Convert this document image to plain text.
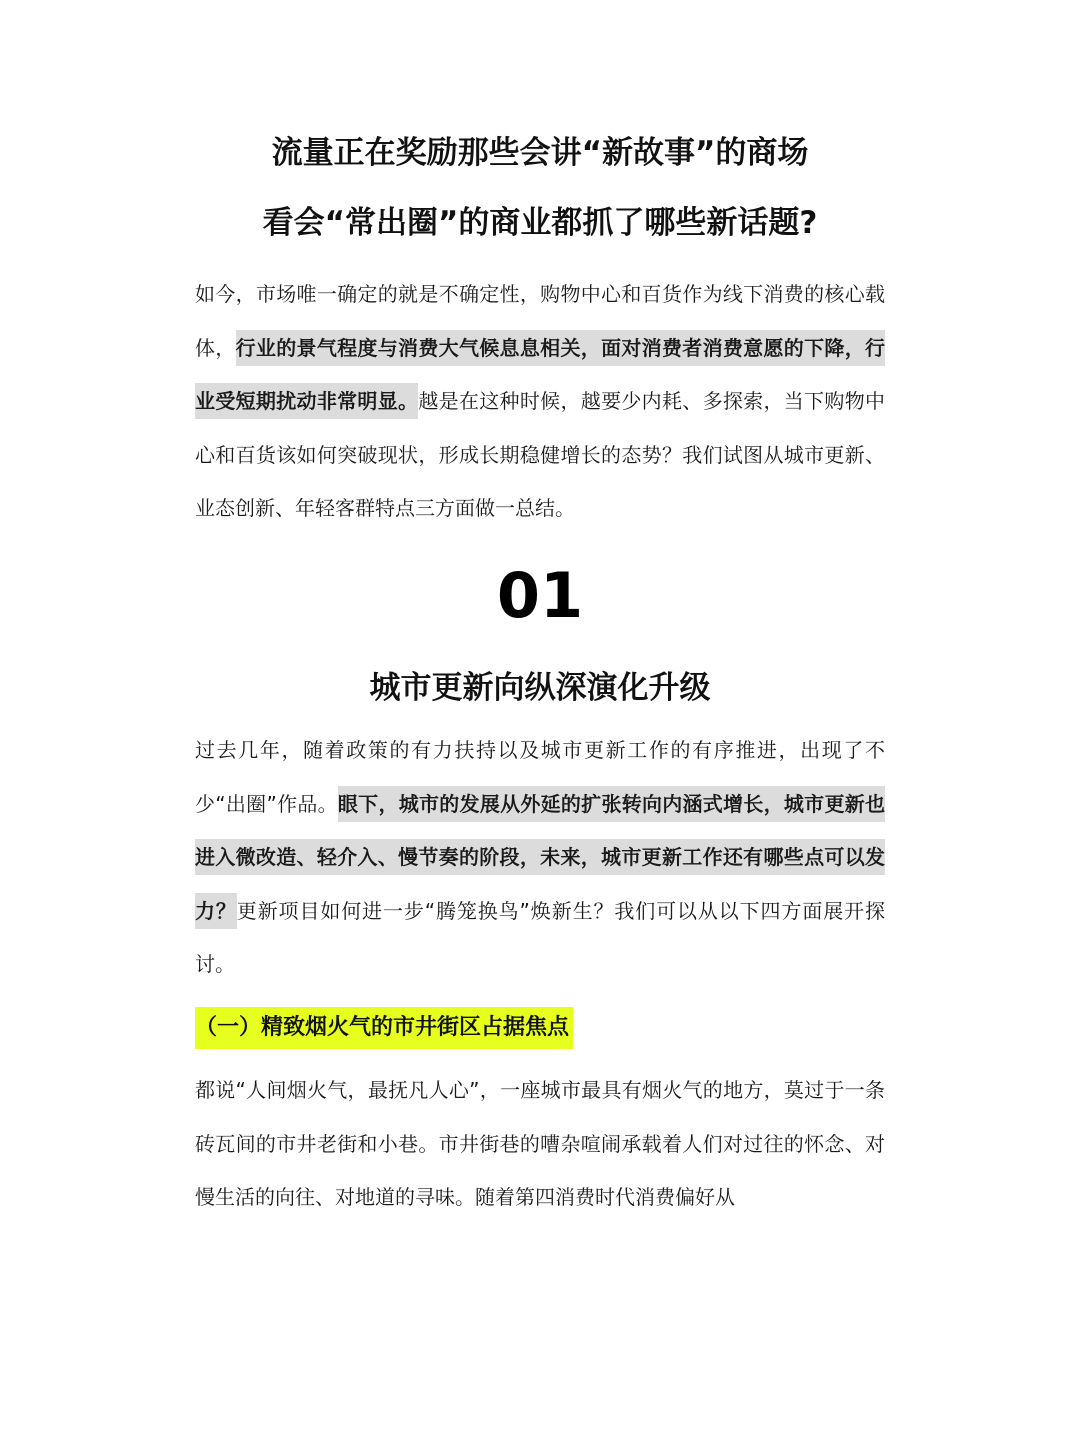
流量正在奖励那些会讲“新故事”的商场
看会“常出圈”的商业都抓了哪些新话题?
如今，市场唯一确定的就是不确定性，购物中心和百货作为线下消费的核心载体，行业的景气程度与消费大气候息息相关，面对消费者消费意愿的下降，行业受短期扰动非常明显。越是在这种时候，越要少内耗、多探索，当下购物中心和百货该如何突破现状，形成长期稳健增长的态势？我们试图从城市更新、业态创新、年轻客群特点三方面做一总结。
01
城市更新向纵深演化升级
过去几年，随着政策的有力扶持以及城市更新工作的有序推进，出现了不少“出圈”作品。眼下，城市的发展从外延的扩张转向内涵式增长，城市更新也进入微改造、轻介入、慢节奏的阶段，未来，城市更新工作还有哪些点可以发力？更新项目如何进一步“腾笼换鸟”焕新生？我们可以从以下四方面展开探讨。
（一）精致烟火气的市井街区占据焦点
都说“人间烟火气，最抚凡人心”，一座城市最具有烟火气的地方，莫过于一条砖瓦间的市井老街和小巷。市井街巷的嘈杂喧闹承载着人们对过往的怀念、对慢生活的向往、对地道的寻味。随着第四消费时代消费偏好从
